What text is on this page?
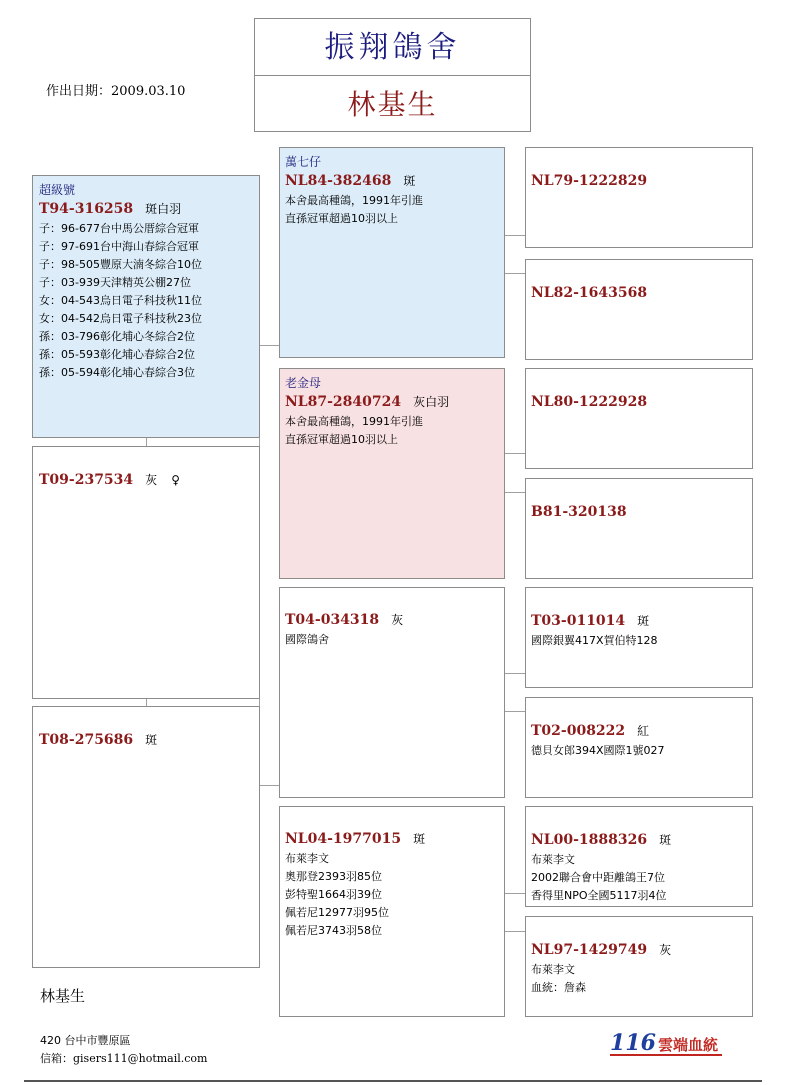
振翔鴿舍
林基生
作出日期：2009.03.10
超級號
T94-316258 斑白羽
子：96-677台中馬公厝綜合冠軍
子：97-691台中海山春綜合冠軍
子：98-505豐原大湳冬綜合10位
子：03-939天津精英公棚27位
女：04-543烏日電子科技秋11位
女：04-542烏日電子科技秋23位
孫：03-796彰化埔心冬綜合2位
孫：05-593彰化埔心春綜合2位
孫：05-594彰化埔心春綜合3位
T09-237534 灰 ♀
T08-275686 斑
萬七仔
NL84-382468 斑
本舍最高種鴿，1991年引進
直孫冠軍超過10羽以上
老金母
NL87-2840724 灰白羽
本舍最高種鴿，1991年引進
直孫冠軍超過10羽以上
T04-034318 灰
國際鴿舍
NL04-1977015 斑
布萊李文
奧那登2393羽85位
彭特聖1664羽39位
佩若尼12977羽95位
佩若尼3743羽58位
NL79-1222829
NL82-1643568
NL80-1222928
B81-320138
T03-011014 斑
國際銀翼417X賀伯特128
T02-008222 紅
德貝女郎394X國際1號027
NL00-1888326 斑
布萊李文
2002聯合會中距離鴿王7位
香得里NPO全國5117羽4位
NL97-1429749 灰
布萊李文
血統：詹森
林基生
420 台中市豐原區
信箱：gisers111@hotmail.com
116 雲端血統
